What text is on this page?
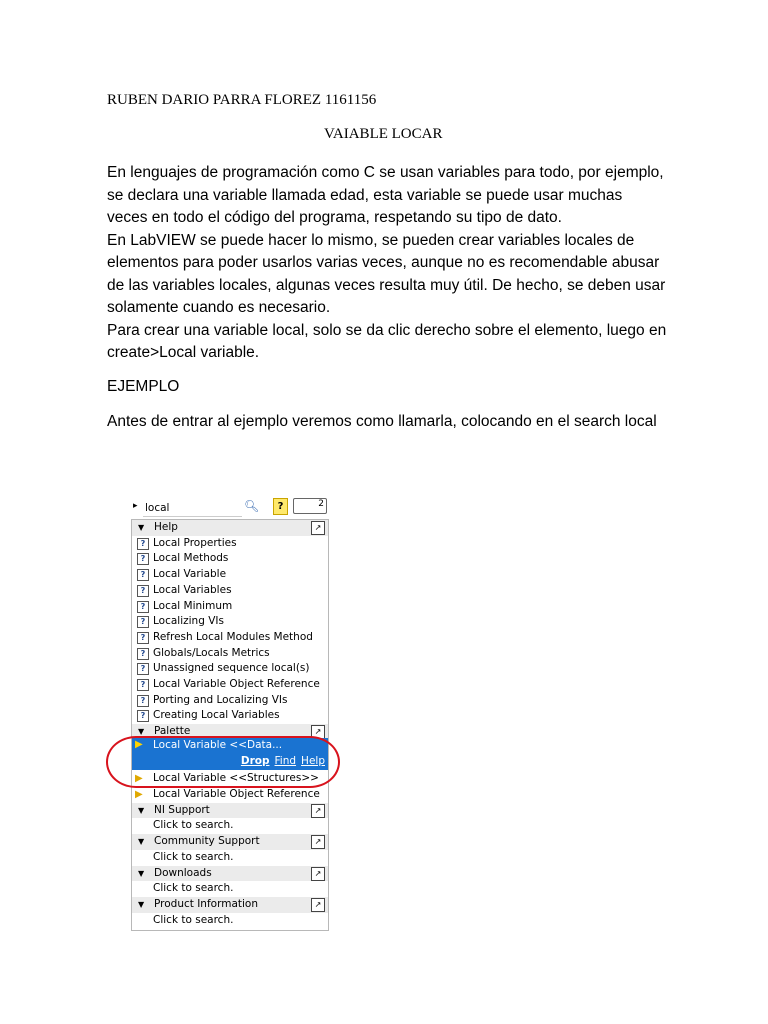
RUBEN DARIO PARRA FLOREZ 1161156
VAIABLE LOCAR

En lenguajes de programación como C se usan variables para todo, por ejemplo, se declara una variable llamada edad, esta variable se puede usar muchas veces en todo el código del programa, respetando su tipo de dato.

En LabVIEW se puede hacer lo mismo, se pueden crear variables locales de elementos para poder usarlos varias veces, aunque no es recomendable abusar de las variables locales, algunas veces resulta muy útil. De hecho, se deben usar solamente cuando es necesario.

Para crear una variable local, solo se da clic derecho sobre el elemento, luego en create>Local variable.

EJEMPLO
Antes de entrar al ejemplo veremos como llamarla, colocando en el search local
▸
local	🔍︎	?	2
▼ Help	↗
? Local Properties
? Local Methods
? Local Variable
? Local Variables
? Local Minimum
? Localizing VIs
? Refresh Local Modules Method
? Globals/Locals Metrics
? Unassigned sequence local(s)
? Local Variable Object Reference
? Porting and Localizing VIs
? Creating Local Variables
▼ Palette	↗
▶ Local Variable <<Data...
Drop Find Help
▶ Local Variable <<Structures>>
▶ Local Variable Object Reference
▼ NI Support	↗
Click to search.
▼ Community Support	↗
Click to search.
▼ Downloads	↗
Click to search.
▼ Product Information	↗
Click to search.
